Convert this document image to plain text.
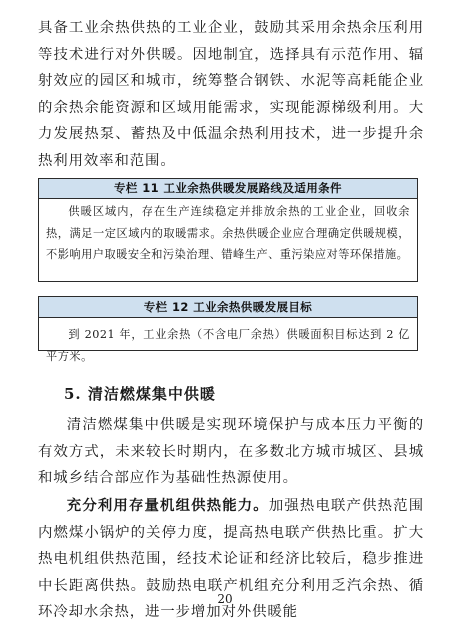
具备工业余热供热的工业企业，鼓励其采用余热余压利用等技术进行对外供暖。因地制宜，选择具有示范作用、辐射效应的园区和城市，统筹整合钢铁、水泥等高耗能企业的余热余能资源和区域用能需求，实现能源梯级利用。大力发展热泵、蓄热及中低温余热利用技术，进一步提升余热利用效率和范围。

专栏 11 工业余热供暖发展路线及适用条件
供暖区域内，存在生产连续稳定并排放余热的工业企业，回收余热，满足一定区域内的取暖需求。余热供暖企业应合理确定供暖规模，不影响用户取暖安全和污染治理、错峰生产、重污染应对等环保措施。
专栏 12 工业余热供暖发展目标
到 2021 年，工业余热（不含电厂余热）供暖面积目标达到 2 亿平方米。
5. 清洁燃煤集中供暖

清洁燃煤集中供暖是实现环境保护与成本压力平衡的有效方式，未来较长时期内，在多数北方城市城区、县城和城乡结合部应作为基础性热源使用。

充分利用存量机组供热能力。加强热电联产供热范围内燃煤小锅炉的关停力度，提高热电联产供热比重。扩大热电机组供热范围，经技术论证和经济比较后，稳步推进中长距离供热。鼓励热电联产机组充分利用乏汽余热、循环冷却水余热，进一步增加对外供暖能

20
